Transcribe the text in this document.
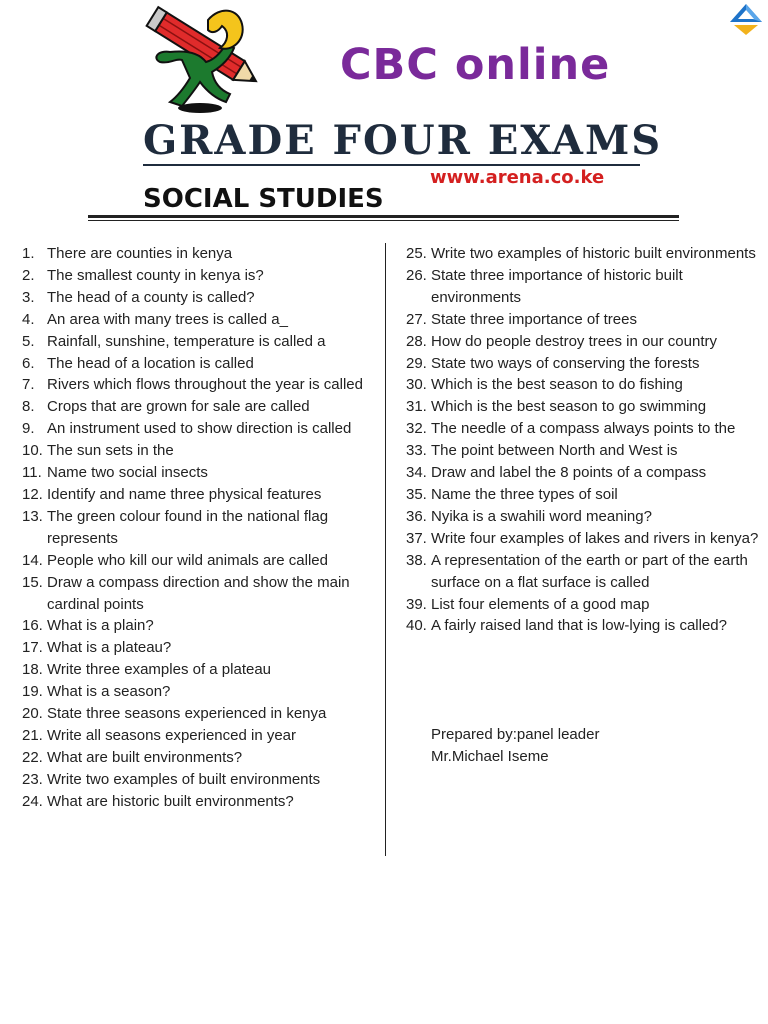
CBC online
GRADE FOUR EXAMS
www.arena.co.ke
SOCIAL STUDIES
1. There are counties in kenya
2. The smallest county in kenya is?
3. The head of a county is called?
4. An area with many trees is called a_
5. Rainfall, sunshine, temperature is called a
6. The head of a location is called
7. Rivers which flows throughout the year is called
8. Crops that are grown for sale are called
9. An instrument used to show direction is called
10. The sun sets in the
11. Name two social insects
12. Identify and name three physical features
13. The green colour found in the national flag represents
14. People who kill our wild animals are called
15. Draw a compass direction and show the main cardinal points
16. What is a plain?
17. What is a plateau?
18. Write three examples of a plateau
19. What is a season?
20. State three seasons experienced in kenya
21. Write all seasons experienced in year
22. What are built environments?
23. Write two examples of built environments
24. What are historic built environments?
25. Write two examples of historic built environments
26. State three importance of historic built environments
27. State three importance of trees
28. How do people destroy trees in our country
29. State two ways of conserving the forests
30. Which is the best season to do fishing
31. Which is the best season to go swimming
32. The needle of a compass always points to the
33. The point between North and West is
34. Draw and label the 8 points of a compass
35. Name the three types of soil
36. Nyika is a swahili word meaning?
37. Write four examples of lakes and rivers in kenya?
38. A representation of the earth or part of the earth surface on a flat surface is called
39. List four elements of a good map
40. A fairly raised land that is low-lying is called?
Prepared by:panel leader
Mr.Michael Iseme
